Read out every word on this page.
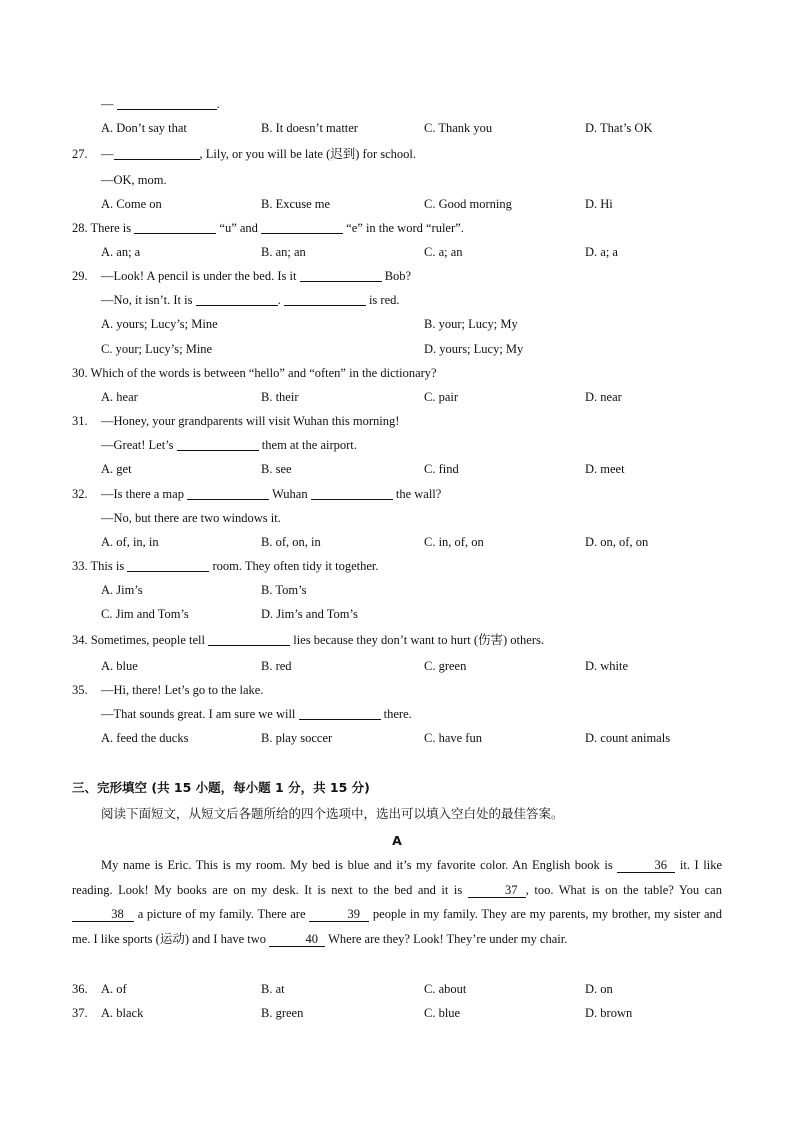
—	.
A. Don’t say that	B. It doesn’t matter	C. Thank you	D. That’s OK
27. —	, Lily, or you will be late (迟到) for school.
—OK, mom.
A. Come on	B. Excuse me	C. Good morning	D. Hi
28. There is	“u” and	“e” in the word “ruler”.
A. an; a	B. an; an	C. a; an	D. a; a
29. —Look! A pencil is under the bed. Is it	Bob?
—No, it isn’t. It is	.	is red.
A. yours; Lucy’s; Mine	B. your; Lucy; My
C. your; Lucy’s; Mine	D. yours; Lucy; My
30. Which of the words is between “hello” and “often” in the dictionary?
A. hear	B. their	C. pair	D. near
31. —Honey, your grandparents will visit Wuhan this morning!
—Great! Let’s	them at the airport.
A. get	B. see	C. find	D. meet
32. —Is there a map	Wuhan	the wall?
—No, but there are two windows it.
A. of, in, in	B. of, on, in	C. in, of, on	D. on, of, on
33. This is	room. They often tidy it together.
A. Jim’s	B. Tom’s
C. Jim and Tom’s	D. Jim’s and Tom’s
34. Sometimes, people tell	lies because they don’t want to hurt (伤害) others.
A. blue	B. red	C. green	D. white
35. —Hi, there! Let’s go to the lake.
—That sounds great. I am sure we will	there.
A. feed the ducks	B. play soccer	C. have fun	D. count animals
三、完形填空 (共 15 小题，每小题 1 分，共 15 分)
阅读下面短文，从短文后各题所给的四个选项中，选出可以填入空白处的最佳答案。
A
My name is Eric. This is my room. My bed is blue and it’s my favorite color. An English book is	36 it. I like reading. Look! My books are on my desk. It is next to the bed and it is	37 , too. What is on the table? You can 38 a picture of my family. There are	39 people in my family. They are my parents, my brother, my sister and me. I like sports (运动) and I have two	40 Where are they? Look! They’re under my chair.
36. A. of	B. at	C. about	D. on
37. A. black	B. green	C. blue	D. brown
